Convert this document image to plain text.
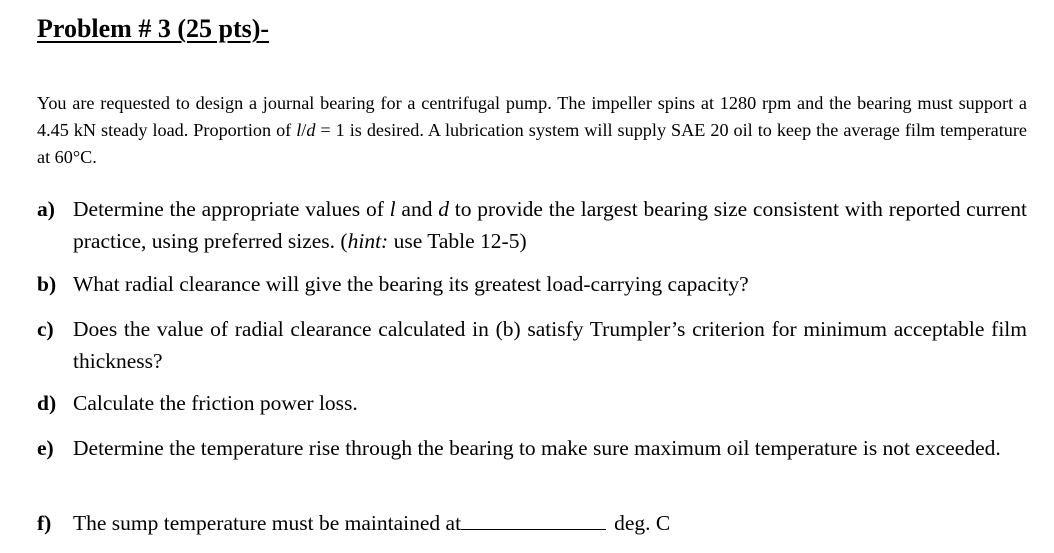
Problem # 3 (25 pts)-
You are requested to design a journal bearing for a centrifugal pump. The impeller spins at 1280 rpm and the bearing must support a 4.45 kN steady load. Proportion of l/d = 1 is desired. A lubrication system will supply SAE 20 oil to keep the average film temperature at 60°C.
a) Determine the appropriate values of l and d to provide the largest bearing size consistent with reported current practice, using preferred sizes. (hint: use Table 12-5)
b) What radial clearance will give the bearing its greatest load-carrying capacity?
c) Does the value of radial clearance calculated in (b) satisfy Trumpler’s criterion for minimum acceptable film thickness?
d) Calculate the friction power loss.
e) Determine the temperature rise through the bearing to make sure maximum oil temperature is not exceeded.
f) The sump temperature must be maintained at	deg. C
